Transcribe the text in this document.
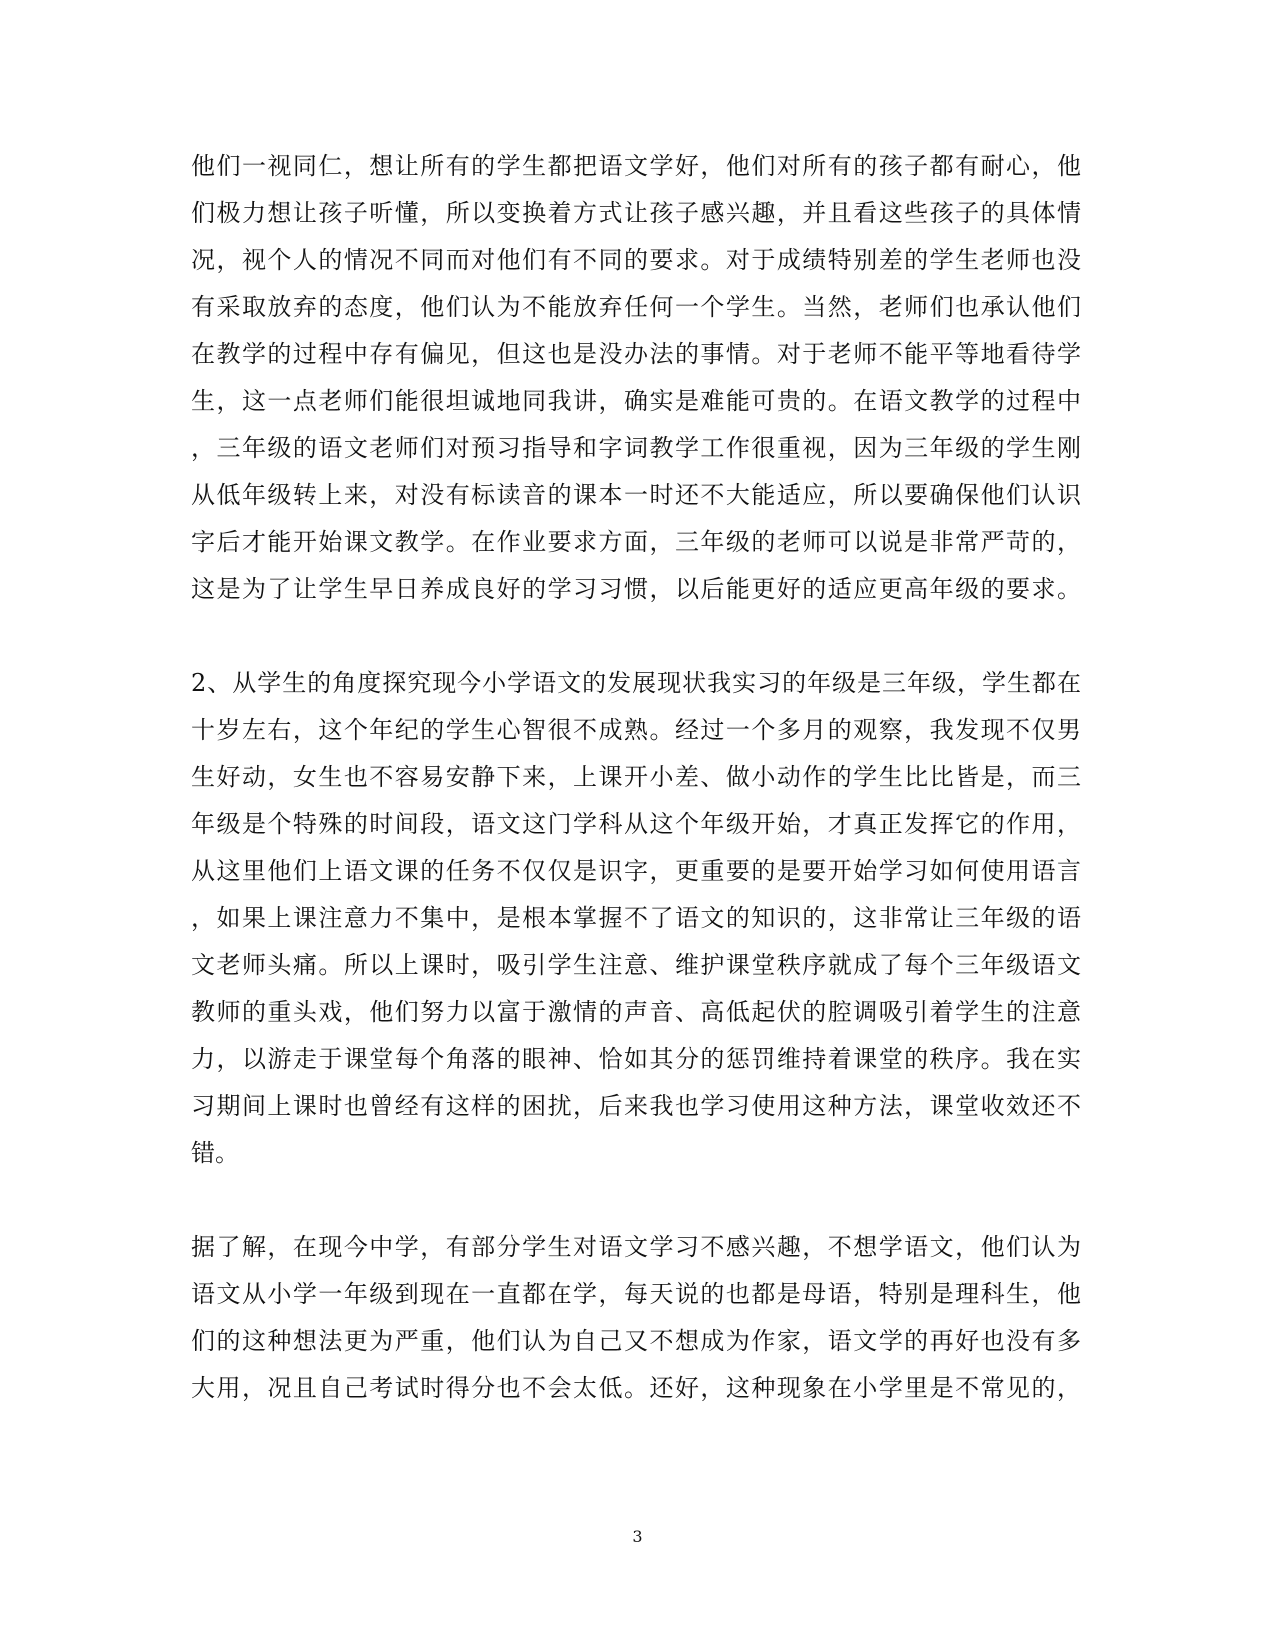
他们一视同仁，想让所有的学生都把语文学好，他们对所有的孩子都有耐心，他
们极力想让孩子听懂，所以变换着方式让孩子感兴趣，并且看这些孩子的具体情
况，视个人的情况不同而对他们有不同的要求。对于成绩特别差的学生老师也没
有采取放弃的态度，他们认为不能放弃任何一个学生。当然，老师们也承认他们
在教学的过程中存有偏见，但这也是没办法的事情。对于老师不能平等地看待学
生，这一点老师们能很坦诚地同我讲，确实是难能可贵的。在语文教学的过程中
，三年级的语文老师们对预习指导和字词教学工作很重视，因为三年级的学生刚
从低年级转上来，对没有标读音的课本一时还不大能适应，所以要确保他们认识
字后才能开始课文教学。在作业要求方面，三年级的老师可以说是非常严苛的，
这是为了让学生早日养成良好的学习习惯，以后能更好的适应更高年级的要求。
2、从学生的角度探究现今小学语文的发展现状我实习的年级是三年级，学生都在
十岁左右，这个年纪的学生心智很不成熟。经过一个多月的观察，我发现不仅男
生好动，女生也不容易安静下来，上课开小差、做小动作的学生比比皆是，而三
年级是个特殊的时间段，语文这门学科从这个年级开始，才真正发挥它的作用，
从这里他们上语文课的任务不仅仅是识字，更重要的是要开始学习如何使用语言
，如果上课注意力不集中，是根本掌握不了语文的知识的，这非常让三年级的语
文老师头痛。所以上课时，吸引学生注意、维护课堂秩序就成了每个三年级语文
教师的重头戏，他们努力以富于激情的声音、高低起伏的腔调吸引着学生的注意
力，以游走于课堂每个角落的眼神、恰如其分的惩罚维持着课堂的秩序。我在实
习期间上课时也曾经有这样的困扰，后来我也学习使用这种方法，课堂收效还不
错。
据了解，在现今中学，有部分学生对语文学习不感兴趣，不想学语文，他们认为
语文从小学一年级到现在一直都在学，每天说的也都是母语，特别是理科生，他
们的这种想法更为严重，他们认为自己又不想成为作家，语文学的再好也没有多
大用，况且自己考试时得分也不会太低。还好，这种现象在小学里是不常见的，
3
